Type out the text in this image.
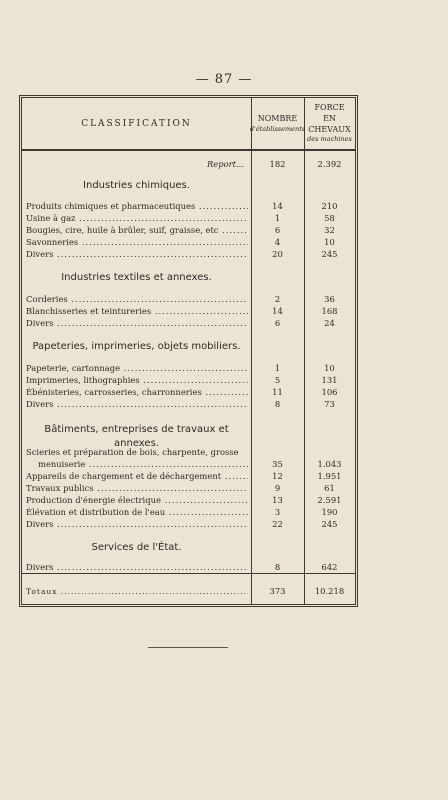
— 87 —
CLASSIFICATION
NOMBRE
d'établissements
FORCE
EN CHEVAUX
des machines
Report...	182	2.392
Industries chimiques.
Produits chimiques et pharmaceutiques .....	14	210
Usine à gaz .....	1	58
Bougies, cire, huile à brûler, suif, graisse, etc .....	6	32
Savonneries .....	4	10
Divers .....	20	245
Industries textiles et annexes.
Corderies .....	2	36
Blanchisseries et teintureries .....	14	168
Divers .....	6	24
Papeteries, imprimeries, objets mobiliers.
Papeterie, cartonnage .....	1	10
Imprimeries, lithographies .....	5	131
Ébénisteries, carrosseries, charronneries .....	11	106
Divers .....	8	73
Bâtiments, entreprises de travaux et annexes.
Scieries et préparation de bois, charpente, grosse
menuiserie .....	35	1.043
Appareils de chargement et de déchargement .....	12	1.951
Travaux publics .....	9	61
Production d'énergie électrique .....	13	2.591
Élévation et distribution de l'eau .....	3	190
Divers .....	22	245
Services de l'État.
Divers .....	8	642
Totaux .....	373	10.218
